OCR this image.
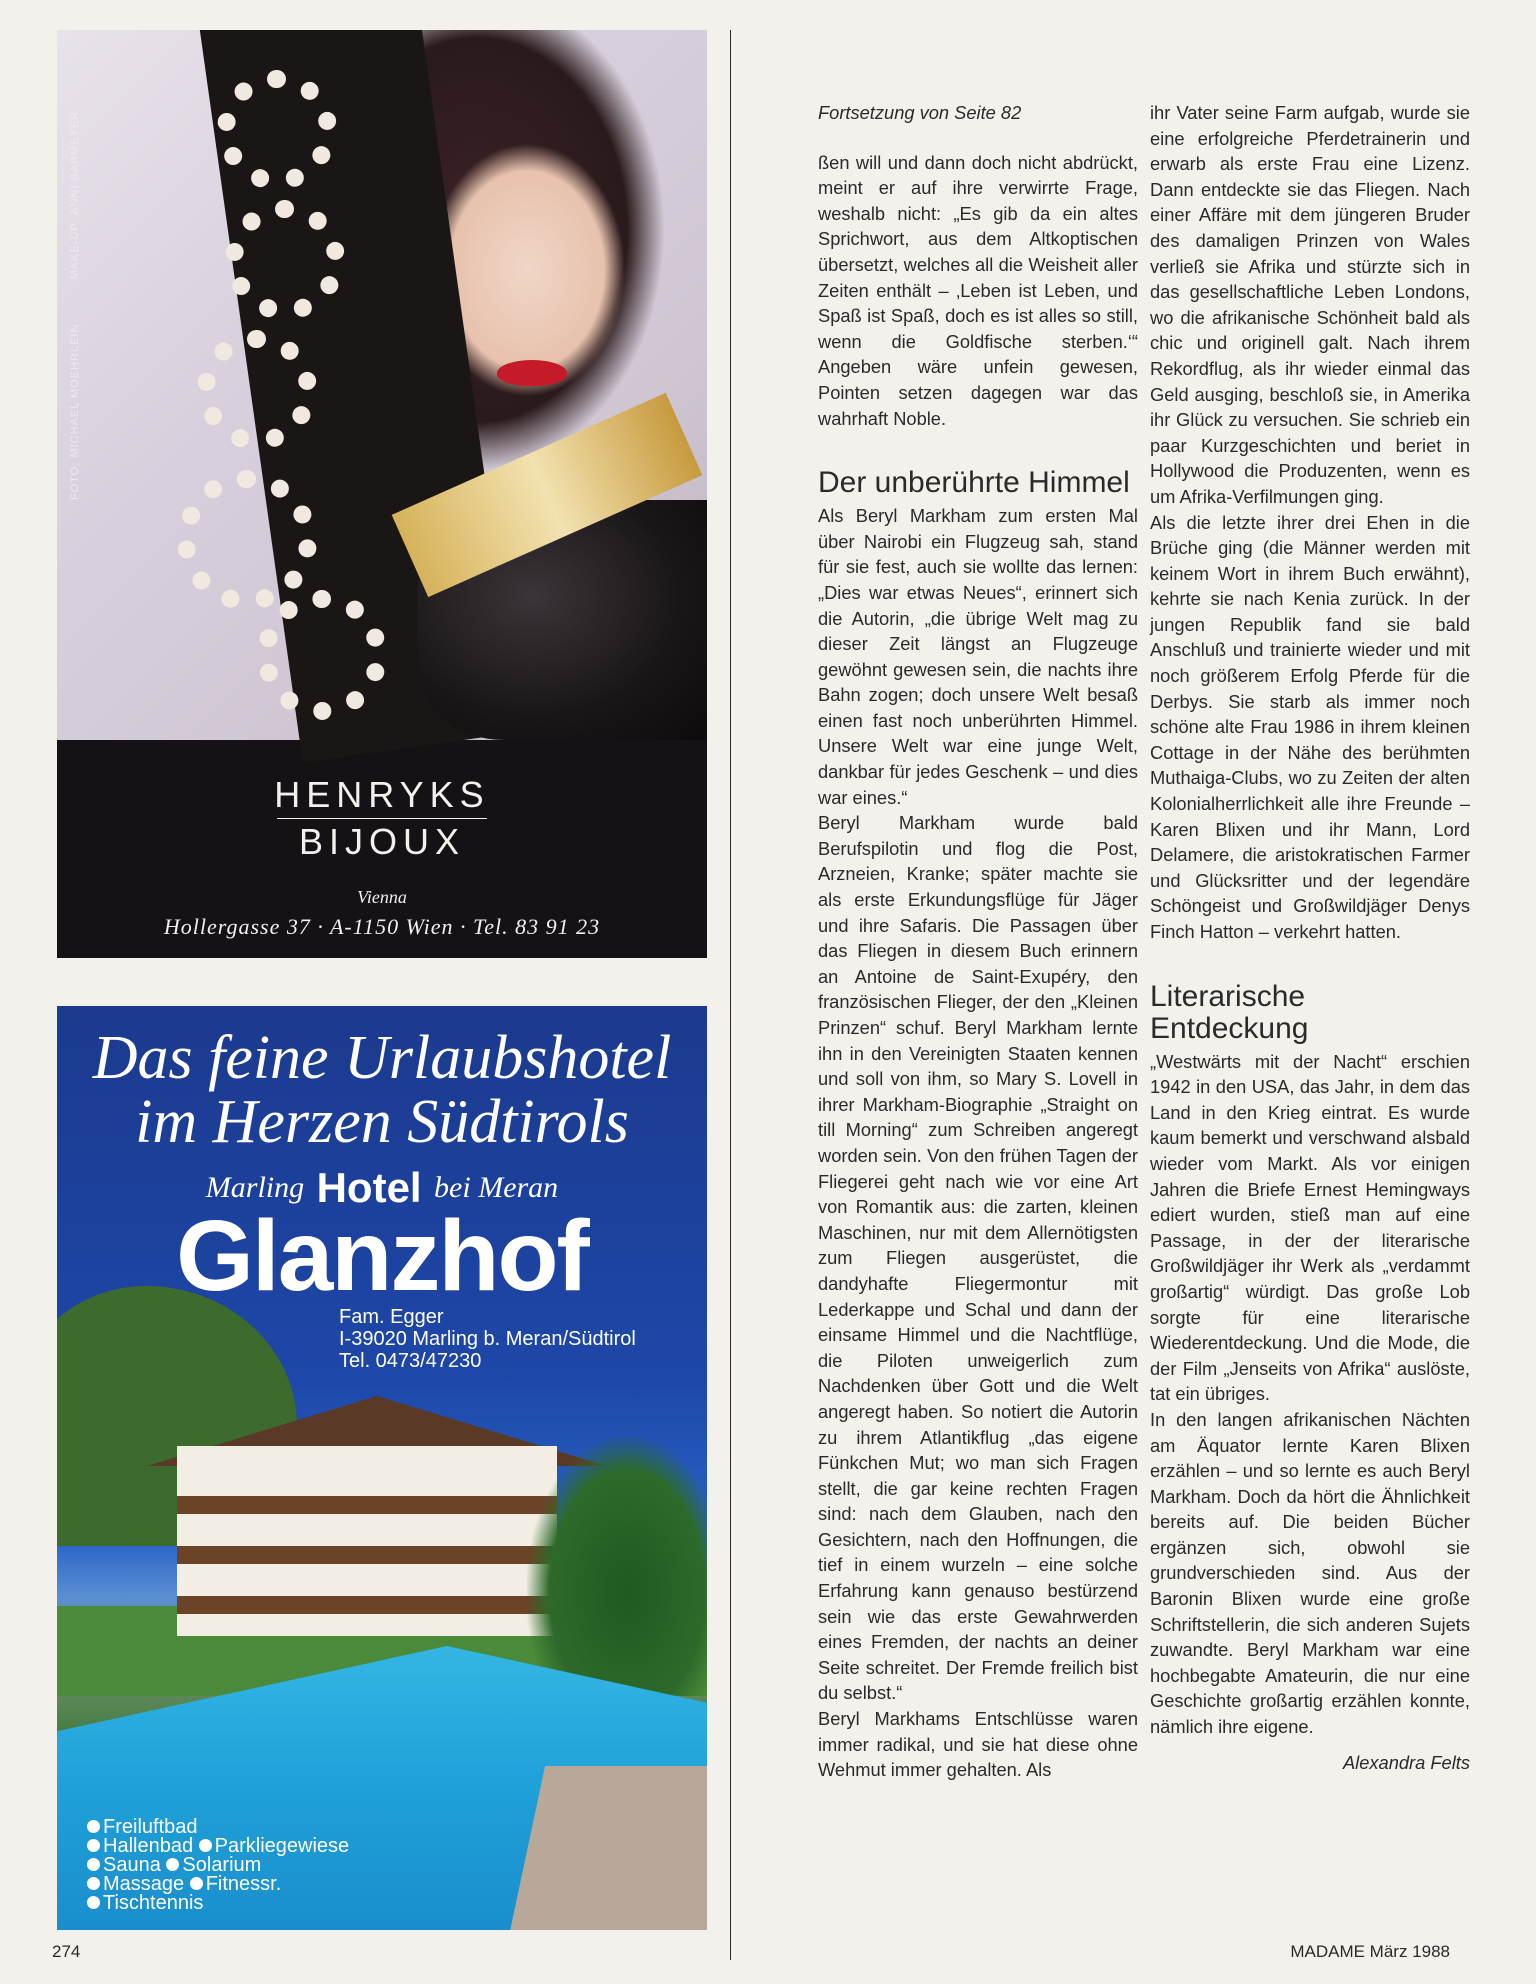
FOTO: MICHAEL MOEHRLEIN MAKE-UP: ANNI BARMEYER
HENRYKS
BIJOUX
Vienna
Hollergasse 37 · A-1150 Wien · Tel. 83 91 23
Das feine Urlaubshotel
im Herzen Südtirols
Marling Hotel bei Meran
Glanzhof
Fam. Egger
I-39020 Marling b. Meran/Südtirol
Tel. 0473/47230
Freiluftbad
Hallenbad Parkliegewiese
Sauna Solarium
Massage Fitnessr.
Tischtennis

Fortsetzung von Seite 82

ßen will und dann doch nicht abdrückt, meint er auf ihre verwirrte Frage, weshalb nicht: „Es gib da ein altes Sprichwort, aus dem Altkoptischen übersetzt, welches all die Weisheit aller Zeiten enthält – ‚Leben ist Leben, und Spaß ist Spaß, doch es ist alles so still, wenn die Goldfische sterben.‘“ Angeben wäre unfein gewesen, Pointen setzen dagegen war das wahrhaft Noble.

Der unberührte Himmel

Als Beryl Markham zum ersten Mal über Nairobi ein Flugzeug sah, stand für sie fest, auch sie wollte das lernen: „Dies war etwas Neues“, erinnert sich die Autorin, „die übrige Welt mag zu dieser Zeit längst an Flugzeuge gewöhnt gewesen sein, die nachts ihre Bahn zogen; doch unsere Welt besaß einen fast noch unberührten Himmel. Unsere Welt war eine junge Welt, dankbar für jedes Geschenk – und dies war eines.“

Beryl Markham wurde bald Berufspilotin und flog die Post, Arzneien, Kranke; später machte sie als erste Erkundungsflüge für Jäger und ihre Safaris. Die Passagen über das Fliegen in diesem Buch erinnern an Antoine de Saint-Exupéry, den französischen Flieger, der den „Kleinen Prinzen“ schuf. Beryl Markham lernte ihn in den Vereinigten Staaten kennen und soll von ihm, so Mary S. Lovell in ihrer Markham-Biographie „Straight on till Morning“ zum Schreiben angeregt worden sein. Von den frühen Tagen der Fliegerei geht nach wie vor eine Art von Romantik aus: die zarten, kleinen Maschinen, nur mit dem Allernötigsten zum Fliegen ausgerüstet, die dandyhafte Fliegermontur mit Lederkappe und Schal und dann der einsame Himmel und die Nachtflüge, die Piloten unweigerlich zum Nachdenken über Gott und die Welt angeregt haben. So notiert die Autorin zu ihrem Atlantikflug „das eigene Fünkchen Mut; wo man sich Fragen stellt, die gar keine rechten Fragen sind: nach dem Glauben, nach den Gesichtern, nach den Hoffnungen, die tief in einem wurzeln – eine solche Erfahrung kann genauso bestürzend sein wie das erste Gewahrwerden eines Fremden, der nachts an deiner Seite schreitet. Der Fremde freilich bist du selbst.“

Beryl Markhams Entschlüsse waren immer radikal, und sie hat diese ohne Wehmut immer gehalten. Als

ihr Vater seine Farm aufgab, wurde sie eine erfolgreiche Pferdetrainerin und erwarb als erste Frau eine Lizenz. Dann entdeckte sie das Fliegen. Nach einer Affäre mit dem jüngeren Bruder des damaligen Prinzen von Wales verließ sie Afrika und stürzte sich in das gesellschaftliche Leben Londons, wo die afrikanische Schönheit bald als chic und originell galt. Nach ihrem Rekordflug, als ihr wieder einmal das Geld ausging, beschloß sie, in Amerika ihr Glück zu versuchen. Sie schrieb ein paar Kurzgeschichten und beriet in Hollywood die Produzenten, wenn es um Afrika-Verfilmungen ging.

Als die letzte ihrer drei Ehen in die Brüche ging (die Männer werden mit keinem Wort in ihrem Buch erwähnt), kehrte sie nach Kenia zurück. In der jungen Republik fand sie bald Anschluß und trainierte wieder und mit noch größerem Erfolg Pferde für die Derbys. Sie starb als immer noch schöne alte Frau 1986 in ihrem kleinen Cottage in der Nähe des berühmten Muthaiga-Clubs, wo zu Zeiten der alten Kolonialherrlichkeit alle ihre Freunde – Karen Blixen und ihr Mann, Lord Delamere, die aristokratischen Farmer und Glücksritter und der legendäre Schöngeist und Großwildjäger Denys Finch Hatton – verkehrt hatten.

Literarische Entdeckung

„Westwärts mit der Nacht“ erschien 1942 in den USA, das Jahr, in dem das Land in den Krieg eintrat. Es wurde kaum bemerkt und verschwand alsbald wieder vom Markt. Als vor einigen Jahren die Briefe Ernest Hemingways ediert wurden, stieß man auf eine Passage, in der der literarische Großwildjäger ihr Werk als „verdammt großartig“ würdigt. Das große Lob sorgte für eine literarische Wiederentdeckung. Und die Mode, die der Film „Jenseits von Afrika“ auslöste, tat ein übriges.

In den langen afrikanischen Nächten am Äquator lernte Karen Blixen erzählen – und so lernte es auch Beryl Markham. Doch da hört die Ähnlichkeit bereits auf. Die beiden Bücher ergänzen sich, obwohl sie grundverschieden sind. Aus der Baronin Blixen wurde eine große Schriftstellerin, die sich anderen Sujets zuwandte. Beryl Markham war eine hochbegabte Amateurin, die nur eine Geschichte großartig erzählen konnte, nämlich ihre eigene.

Alexandra Felts

274	MADAME März 1988
